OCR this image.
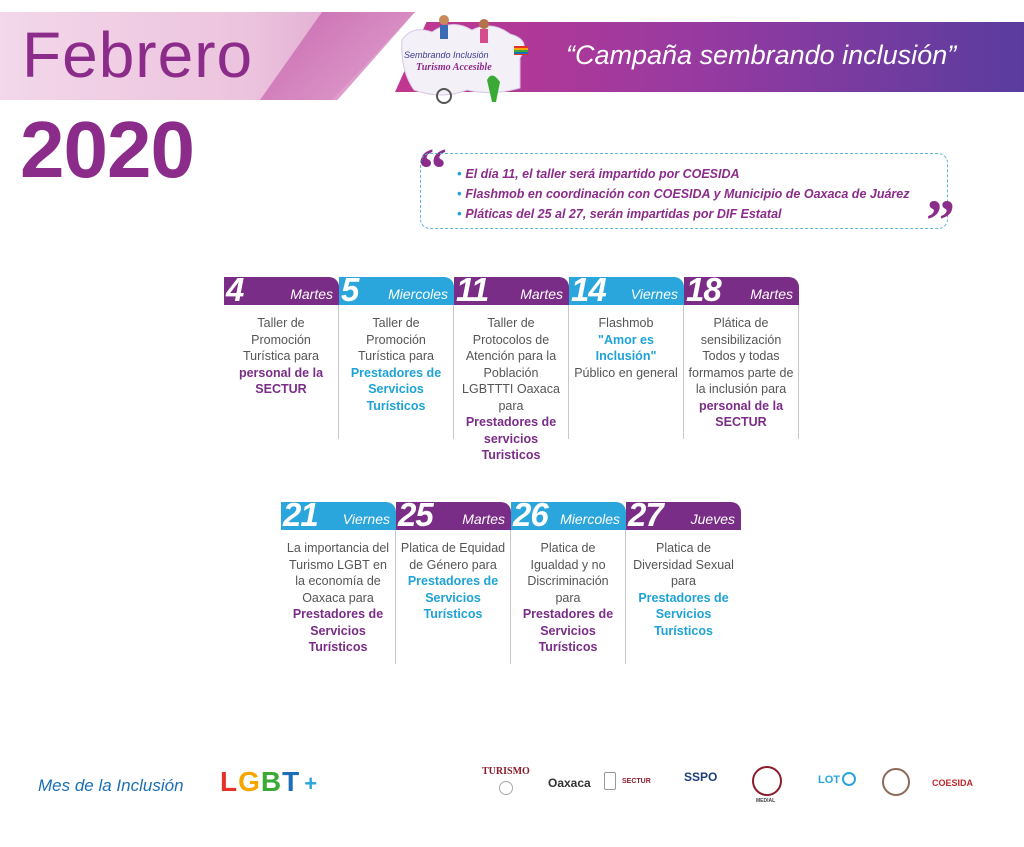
Febrero
2020
“Campaña sembrando inclusión”
Sembrando Inclusión
Turismo Accesible
“ • El día 11, el taller será impartido por COESIDA
• Flashmob en coordinación con COESIDA y Municipio de Oaxaca de Juárez
• Pláticas del 25 al 27, serán impartidas por DIF Estatal	”
4	Martes
Taller de Promoción Turística para
personal de la SECTUR
5 Miercoles
Taller de Promoción Turística para
Prestadores de Servicios Turísticos
11 Martes
Taller de Protocolos de Atención para la Población LGBTTTI Oaxaca para
Prestadores de servicios Turisticos
14 Viernes
Flashmob
"Amor es Inclusión"
Público en general
18 Martes
Plática de sensibilización Todos y todas formamos parte de la inclusión para
personal de la SECTUR
21 Viernes
La importancia del Turismo LGBT en la economía de Oaxaca para
Prestadores de Servicios Turísticos
25 Martes
Platica de Equidad de Género para
Prestadores de Servicios Turísticos
26 Miercoles
Platica de Igualdad y no Discriminación para
Prestadores de Servicios Turísticos
27 Jueves
Platica de Diversidad Sexual para
Prestadores de Servicios Turísticos
Mes de la Inclusión L G B T +	TURISMO
Oaxaca	SECTUR	SSPO
MEDIAL
LOT	COESIDA
